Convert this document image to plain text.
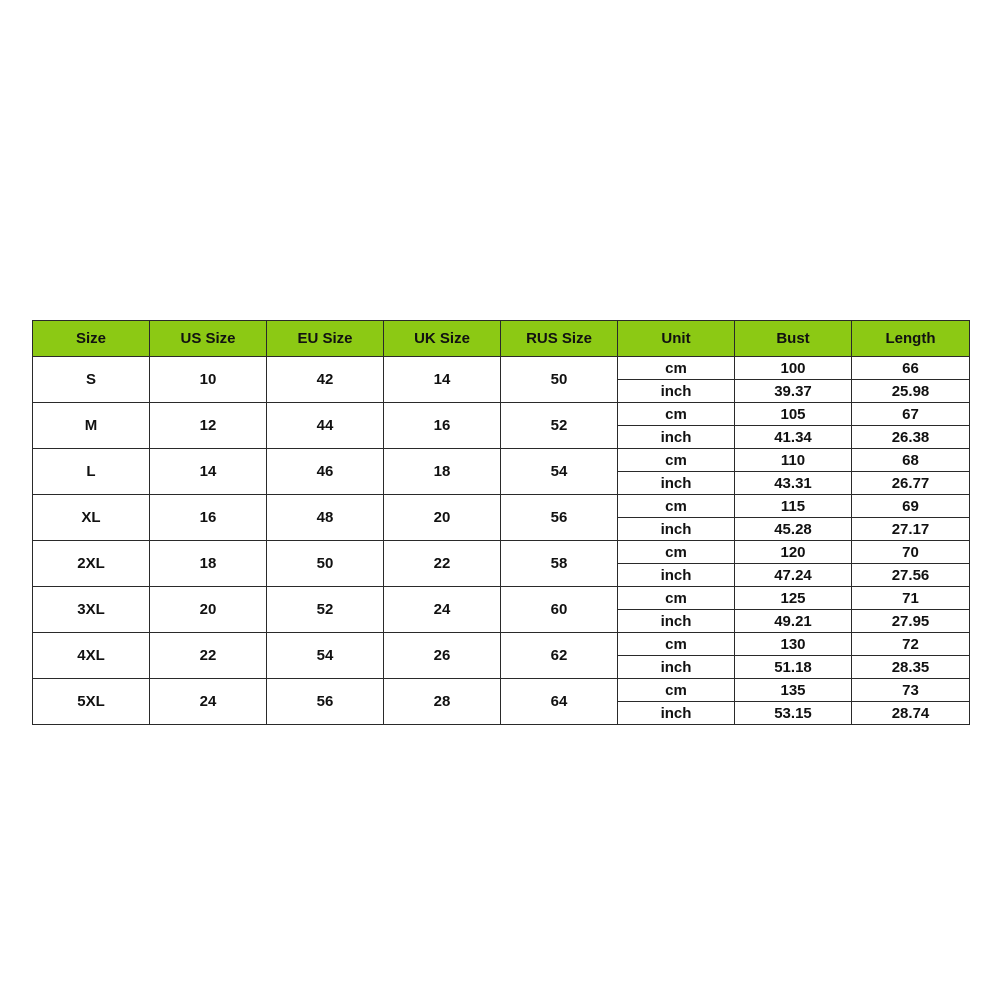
Size	US Size	EU Size	UK Size	RUS Size	Unit	Bust	Length
S	10	42	14	50	cm	100	66
					inch	39.37	25.98
M	12	44	16	52	cm	105	67
					inch	41.34	26.38
L	14	46	18	54	cm	110	68
					inch	43.31	26.77
XL	16	48	20	56	cm	115	69
					inch	45.28	27.17
2XL	18	50	22	58	cm	120	70
					inch	47.24	27.56
3XL	20	52	24	60	cm	125	71
					inch	49.21	27.95
4XL	22	54	26	62	cm	130	72
					inch	51.18	28.35
5XL	24	56	28	64	cm	135	73
					inch	53.15	28.74
